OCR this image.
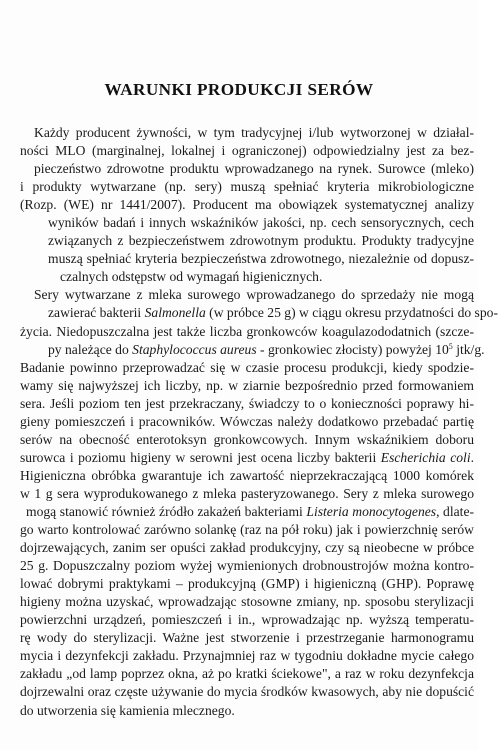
WARUNKI PRODUKCJI SERÓW
Każdy producent żywności, w tym tradycyjnej i/lub wytworzonej w działal-
ności MLO (marginalnej, lokalnej i ograniczonej) odpowiedzialny jest za bez-
pieczeństwo zdrowotne produktu wprowadzanego na rynek. Surowce (mleko)
i produkty wytwarzane (np. sery) muszą spełniać kryteria mikrobiologiczne
(Rozp. (WE) nr 1441/2007). Producent ma obowiązek systematycznej analizy
wyników badań i innych wskaźników jakości, np. cech sensorycznych, cech
związanych z bezpieczeństwem zdrowotnym produktu. Produkty tradycyjne
muszą spełniać kryteria bezpieczeństwa zdrowotnego, niezależnie od dopusz-
czalnych odstępstw od wymagań higienicznych.
Sery wytwarzane z mleka surowego wprowadzanego do sprzedaży nie mogą
zawierać bakterii Salmonella (w próbce 25 g) w ciągu okresu przydatności do spo-
życia. Niedopuszczalna jest także liczba gronkowców koagulazododatnich (szcze-
py należące do Staphylococcus aureus - gronkowiec złocisty) powyżej $10^5$ jtk/g.
Badanie powinno przeprowadzać się w czasie procesu produkcji, kiedy spodzie-
wamy się najwyższej ich liczby, np. w ziarnie bezpośrednio przed formowaniem
sera. Jeśli poziom ten jest przekraczany, świadczy to o konieczności poprawy hi-
gieny pomieszczeń i pracowników. Wówczas należy dodatkowo przebadać partię
serów na obecność enterotoksyn gronkowcowych. Innym wskaźnikiem doboru
surowca i poziomu higieny w serowni jest ocena liczby bakterii Escherichia coli.
Higieniczna obróbka gwarantuje ich zawartość nieprzekraczającą 1000 komórek
w 1 g sera wyprodukowanego z mleka pasteryzowanego. Sery z mleka surowego
mogą stanowić również źródło zakażeń bakteriami Listeria monocytogenes, dlate-
go warto kontrolować zarówno solankę (raz na pół roku) jak i powierzchnię serów
dojrzewających, zanim ser opuści zakład produkcyjny, czy są nieobecne w próbce
25 g. Dopuszczalny poziom wyżej wymienionych drobnoustrojów można kontro-
lować dobrymi praktykami – produkcyjną (GMP) i higieniczną (GHP). Poprawę
higieny można uzyskać, wprowadzając stosowne zmiany, np. sposobu sterylizacji
powierzchni urządzeń, pomieszczeń i in., wprowadzając np. wyższą temperatu-
rę wody do sterylizacji. Ważne jest stworzenie i przestrzeganie harmonogramu
mycia i dezynfekcji zakładu. Przynajmniej raz w tygodniu dokładne mycie całego
zakładu „od lamp poprzez okna, aż po kratki ściekowe", a raz w roku dezynfekcja
dojrzewalni oraz częste używanie do mycia środków kwasowych, aby nie dopuścić
do utworzenia się kamienia mlecznego.
